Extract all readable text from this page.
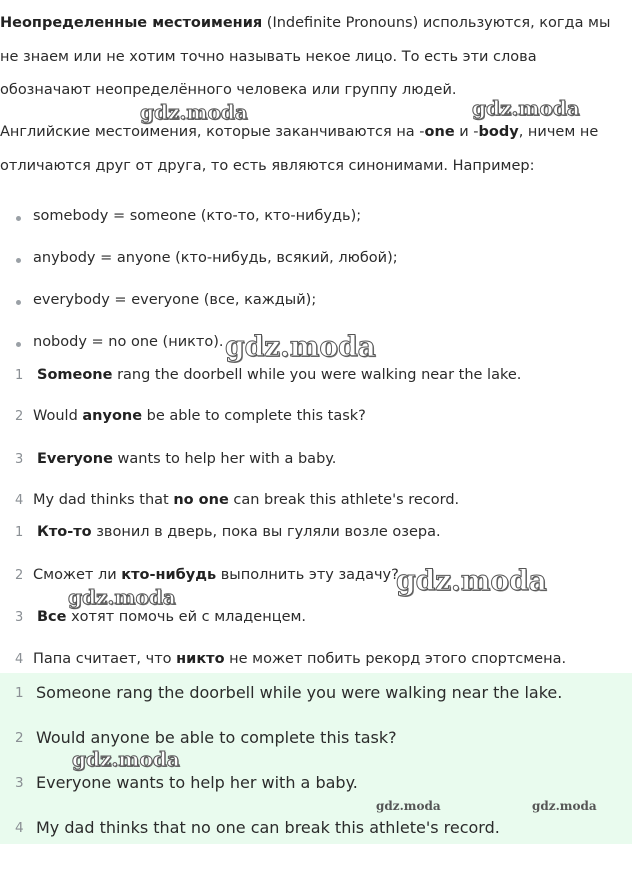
Неопределенные местоимения (Indefinite Pronouns) используются, когда мы
не знаем или не хотим точно называть некое лицо. То есть эти слова
обозначают неопределённого человека или группу людей.
Английские местоимения, которые заканчиваются на -one и -body, ничем не
отличаются друг от друга, то есть являются синонимами. Например:
somebody = someone (кто-то, кто-нибудь);
anybody = anyone (кто-нибудь, всякий, любой);
everybody = everyone (все, каждый);
nobody = no one (никто).
1 Someone rang the doorbell while you were walking near the lake.
2 Would anyone be able to complete this task?
3 Everyone wants to help her with a baby.
4 My dad thinks that no one can break this athlete's record.
1 Кто-то звонил в дверь, пока вы гуляли возле озера.
2 Сможет ли кто-нибудь выполнить эту задачу?
3 Все хотят помочь ей с младенцем.
4 Папа считает, что никто не может побить рекорд этого спортсмена.
1 Someone rang the doorbell while you were walking near the lake.
2 Would anyone be able to complete this task?
3 Everyone wants to help her with a baby.
4 My dad thinks that no one can break this athlete's record.
gdz.moda	gdz.moda
gdz.moda
gdz.moda
gdz.moda
gdz.moda
gdz.moda	gdz.moda
